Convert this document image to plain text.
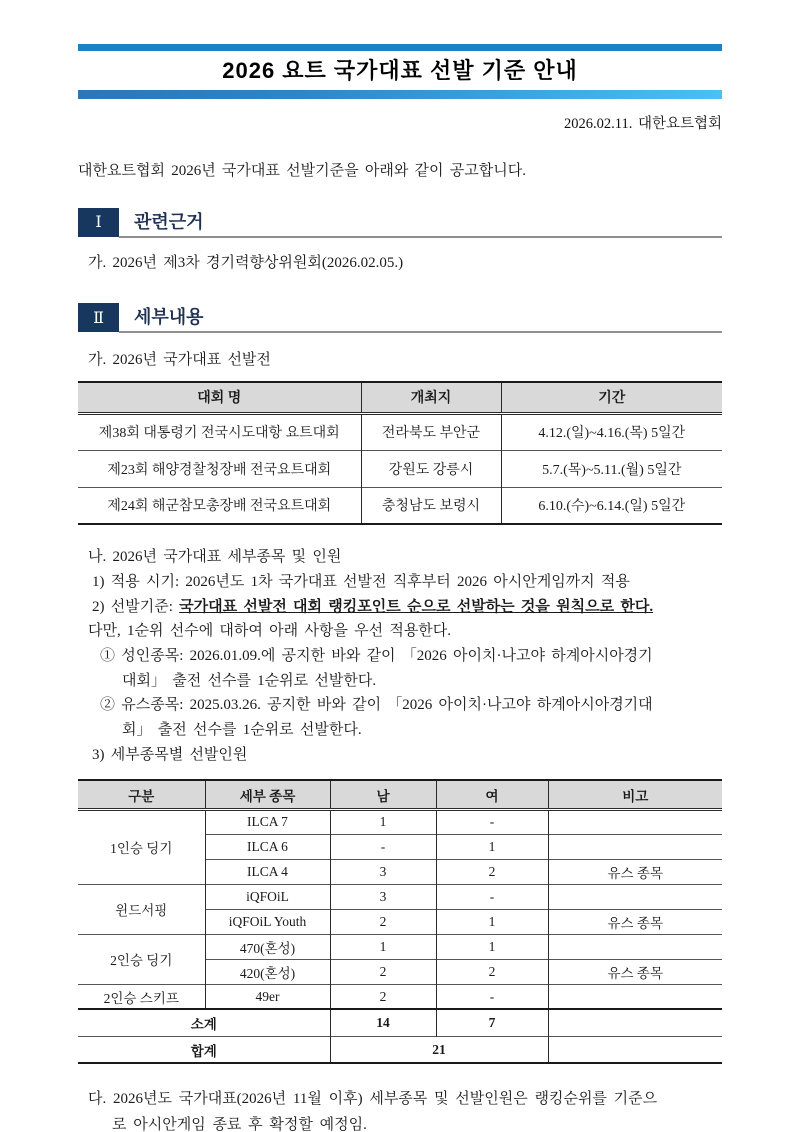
2026 요트 국가대표 선발 기준 안내
2026.02.11. 대한요트협회
대한요트협회 2026년 국가대표 선발기준을 아래와 같이 공고합니다.
Ⅰ 관련근거
가. 2026년 제3차 경기력향상위원회(2026.02.05.)
Ⅱ 세부내용
가. 2026년 국가대표 선발전
대회 명	개최지	기간
제38회 대통령기 전국시도대항 요트대회	전라북도 부안군	4.12.(일)~4.16.(목) 5일간
제23회 해양경찰청장배 전국요트대회	강원도 강릉시	5.7.(목)~5.11.(월) 5일간
제24회 해군참모총장배 전국요트대회	충청남도 보령시	6.10.(수)~6.14.(일) 5일간
나. 2026년 국가대표 세부종목 및 인원
1) 적용 시기: 2026년도 1차 국가대표 선발전 직후부터 2026 아시안게임까지 적용
2) 선발기준: 국가대표 선발전 대회 랭킹포인트 순으로 선발하는 것을 원칙으로 한다.
다만, 1순위 선수에 대하여 아래 사항을 우선 적용한다.
① 성인종목: 2026.01.09.에 공지한 바와 같이 「2026 아이치·나고야 하계아시아경기
대회」 출전 선수를 1순위로 선발한다.
② 유스종목: 2025.03.26. 공지한 바와 같이 「2026 아이치·나고야 하계아시아경기대
회」 출전 선수를 1순위로 선발한다.
3) 세부종목별 선발인원
구분	세부 종목	남	여	비고
1인승 딩기	ILCA 7	1	-	
	ILCA 6	-	1	
	ILCA 4	3	2	유스 종목
윈드서핑	iQFOiL	3	-	
	iQFOiL Youth	2	1	유스 종목
2인승 딩기	470(혼성)	1	1	
	420(혼성)	2	2	유스 종목
2인승 스키프	49er	2	-	
소계		14	7	
합계		21		
다. 2026년도 국가대표(2026년 11월 이후) 세부종목 및 선발인원은 랭킹순위를 기준으
로 아시안게임 종료 후 확정할 예정임.
